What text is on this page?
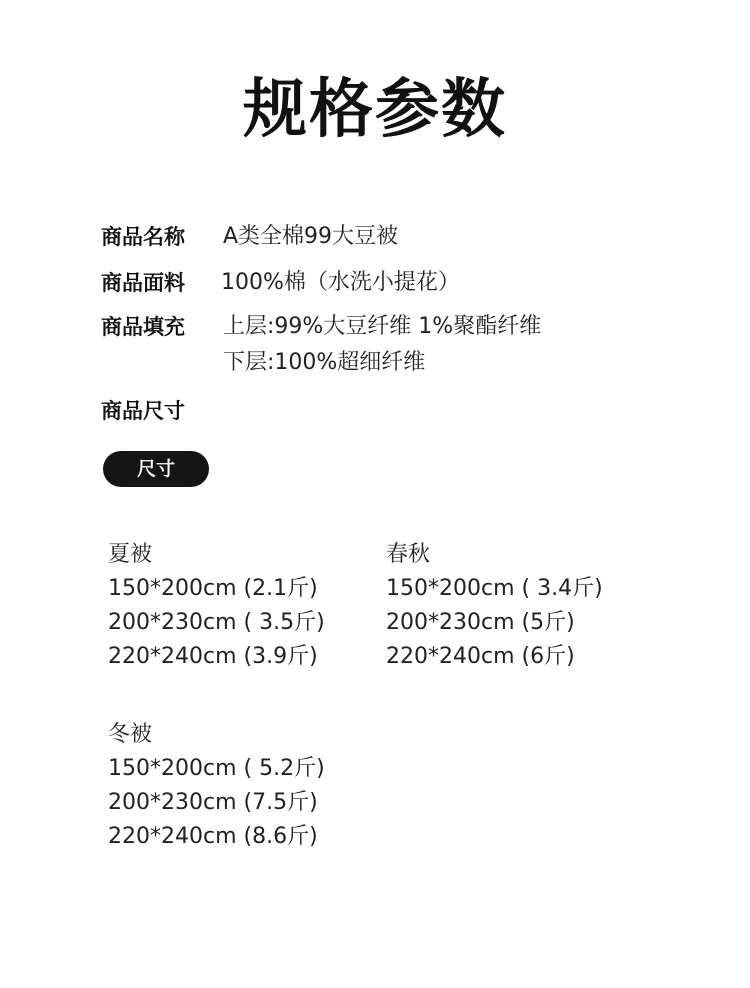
规格参数
商品名称	A类全棉99大豆被
商品面料	100%棉（水洗小提花）
商品填充	上层:99%大豆纤维 1%聚酯纤维
下层:100%超细纤维
商品尺寸
尺寸
夏被
150*200cm (2.1斤)
200*230cm ( 3.5斤)
220*240cm (3.9斤)
春秋
150*200cm ( 3.4斤)
200*230cm (5斤)
220*240cm (6斤)
冬被
150*200cm ( 5.2斤)
200*230cm (7.5斤)
220*240cm (8.6斤)
